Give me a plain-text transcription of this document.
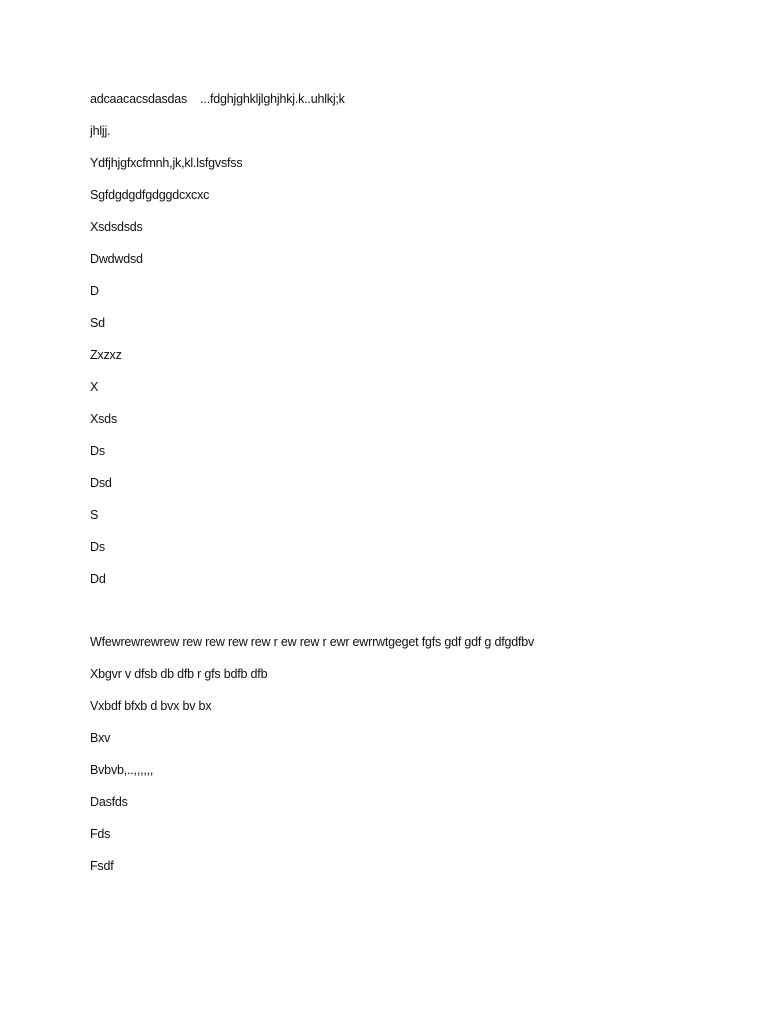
adcaacacsdasdas    ...fdghjghkljlghjhkj.k..uhlkj;k

jhljj.

Ydfjhjgfxcfmnh,jk,kl.lsfgvsfss

Sgfdgdgdfgdggdcxcxc

Xsdsdsds

Dwdwdsd

D

Sd

Zxzxz

X

Xsds

Ds

Dsd

S

Ds

Dd

Wfewrewrewrew rew rew rew rew r ew rew r ewr ewrrwtgeget fgfs gdf gdf g dfgdfbv

Xbgvr v dfsb db dfb r gfs bdfb dfb

Vxbdf bfxb d bvx bv bx

Bxv

Bvbvb,..,,,,,,

Dasfds

Fds

Fsdf
